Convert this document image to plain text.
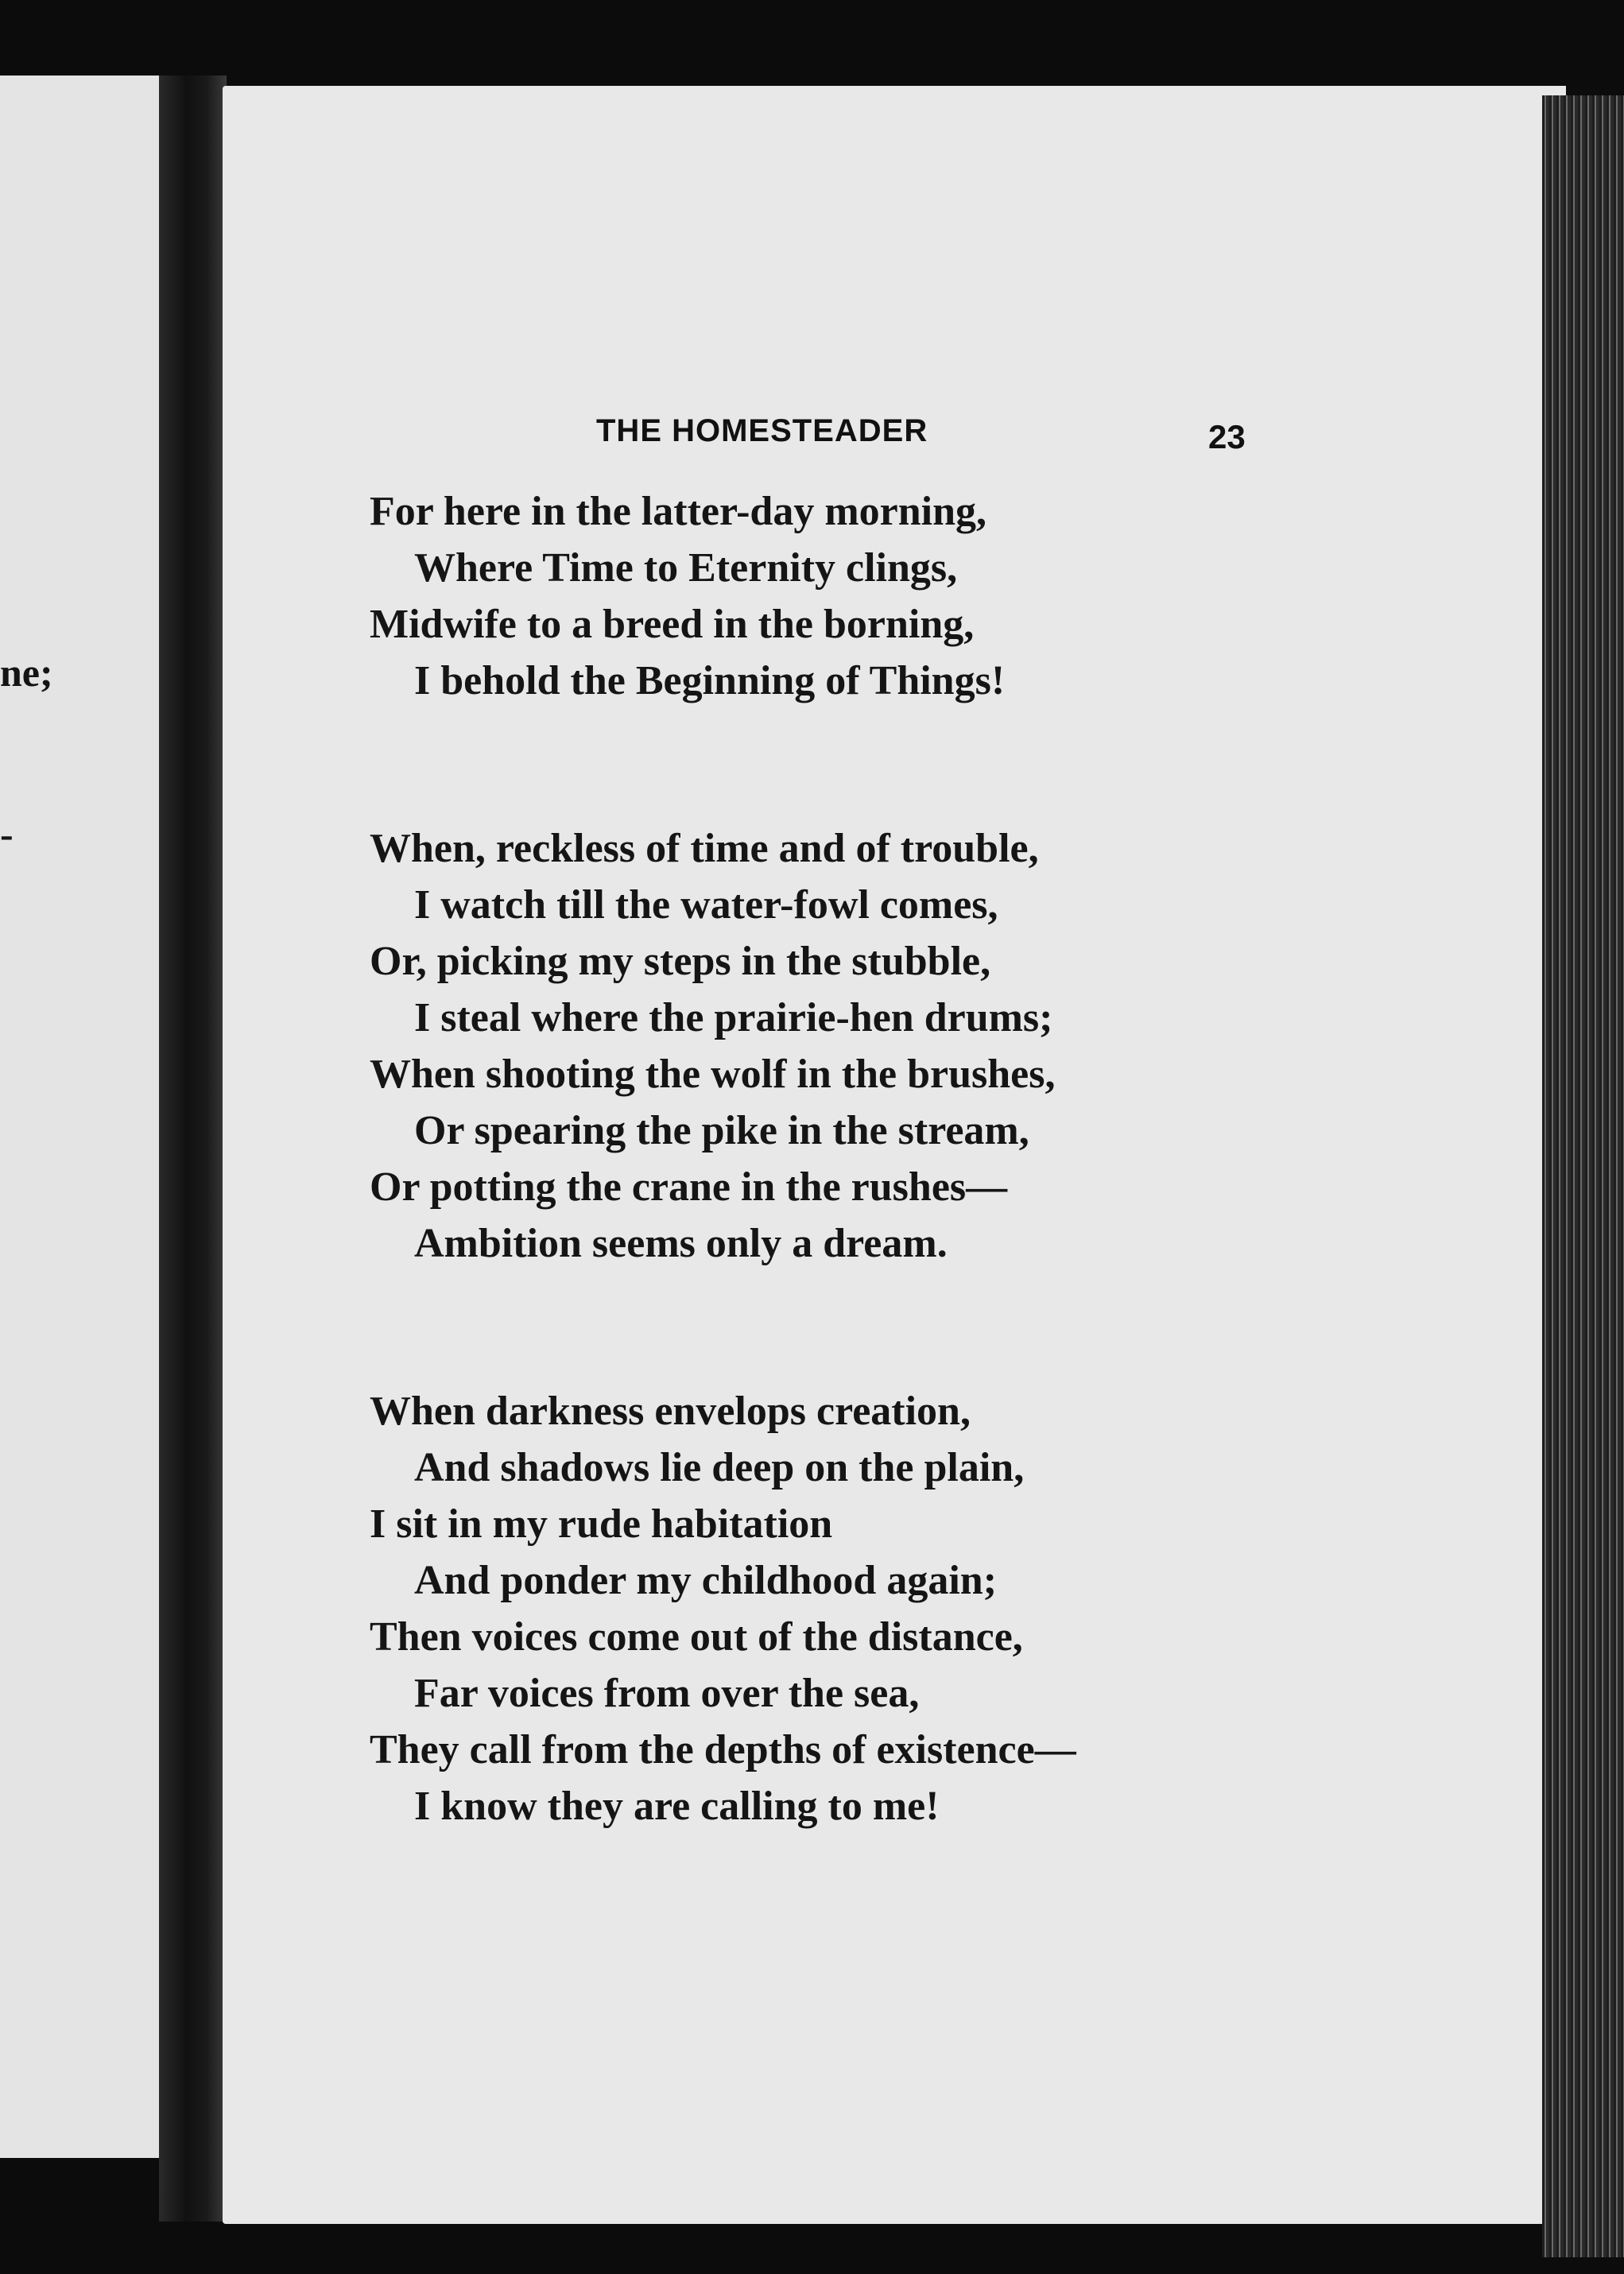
ne;
-
THE HOMESTEADER	23
For here in the latter-day morning,
Where Time to Eternity clings,
Midwife to a breed in the borning,
I behold the Beginning of Things!
When, reckless of time and of trouble,
I watch till the water-fowl comes,
Or, picking my steps in the stubble,
I steal where the prairie-hen drums;
When shooting the wolf in the brushes,
Or spearing the pike in the stream,
Or potting the crane in the rushes—
Ambition seems only a dream.
When darkness envelops creation,
And shadows lie deep on the plain,
I sit in my rude habitation
And ponder my childhood again;
Then voices come out of the distance,
Far voices from over the sea,
They call from the depths of existence—
I know they are calling to me!
